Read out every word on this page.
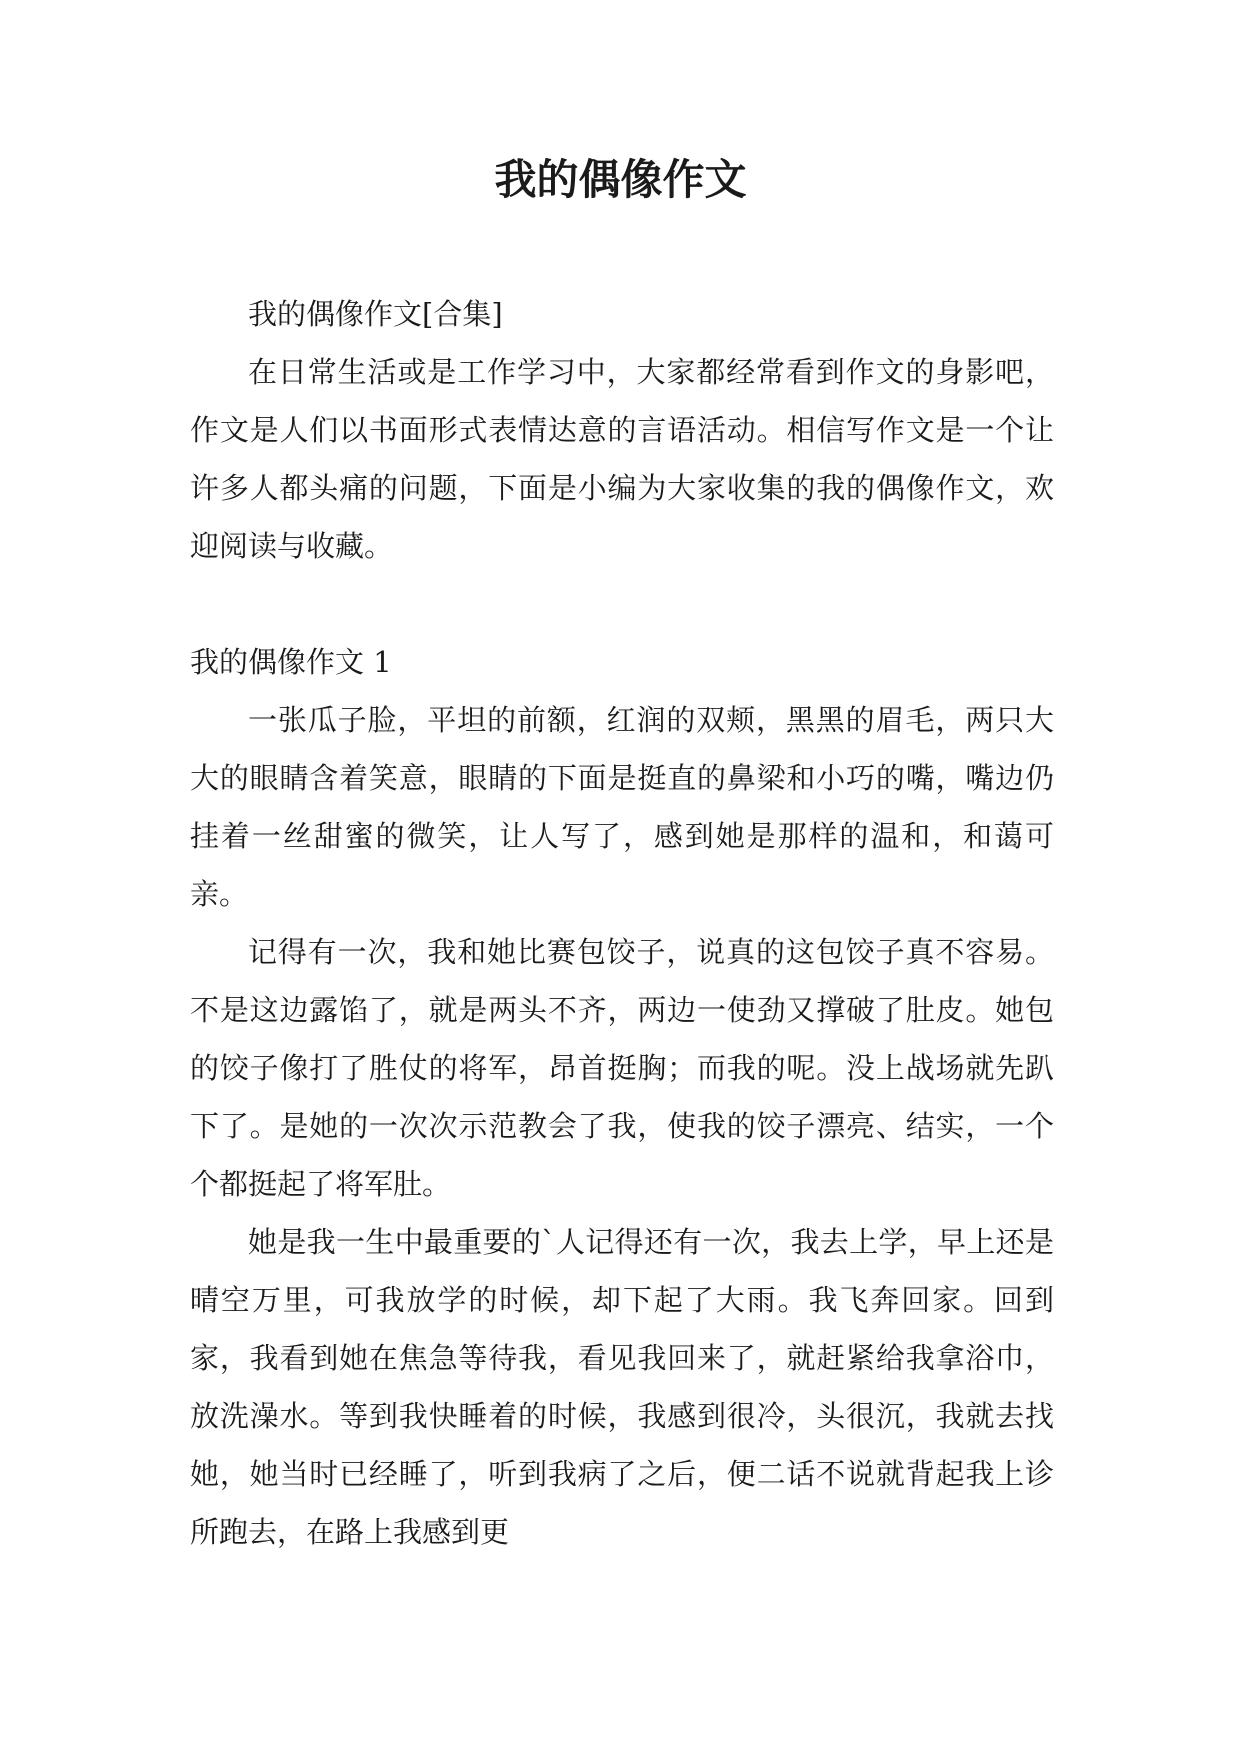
我的偶像作文

我的偶像作文[合集]

在日常生活或是工作学习中，大家都经常看到作文的身影吧，作文是人们以书面形式表情达意的言语活动。相信写作文是一个让许多人都头痛的问题，下面是小编为大家收集的我的偶像作文，欢迎阅读与收藏。

我的偶像作文 1

一张瓜子脸，平坦的前额，红润的双颊，黑黑的眉毛，两只大大的眼睛含着笑意，眼睛的下面是挺直的鼻梁和小巧的嘴，嘴边仍挂着一丝甜蜜的微笑，让人写了，感到她是那样的温和，和蔼可亲。

记得有一次，我和她比赛包饺子，说真的这包饺子真不容易。不是这边露馅了，就是两头不齐，两边一使劲又撑破了肚皮。她包的饺子像打了胜仗的将军，昂首挺胸；而我的呢。没上战场就先趴下了。是她的一次次示范教会了我，使我的饺子漂亮、结实，一个个都挺起了将军肚。

她是我一生中最重要的`人记得还有一次，我去上学，早上还是晴空万里，可我放学的时候，却下起了大雨。我飞奔回家。回到家，我看到她在焦急等待我，看见我回来了，就赶紧给我拿浴巾，放洗澡水。等到我快睡着的时候，我感到很冷，头很沉，我就去找她，她当时已经睡了，听到我病了之后，便二话不说就背起我上诊所跑去，在路上我感到更
